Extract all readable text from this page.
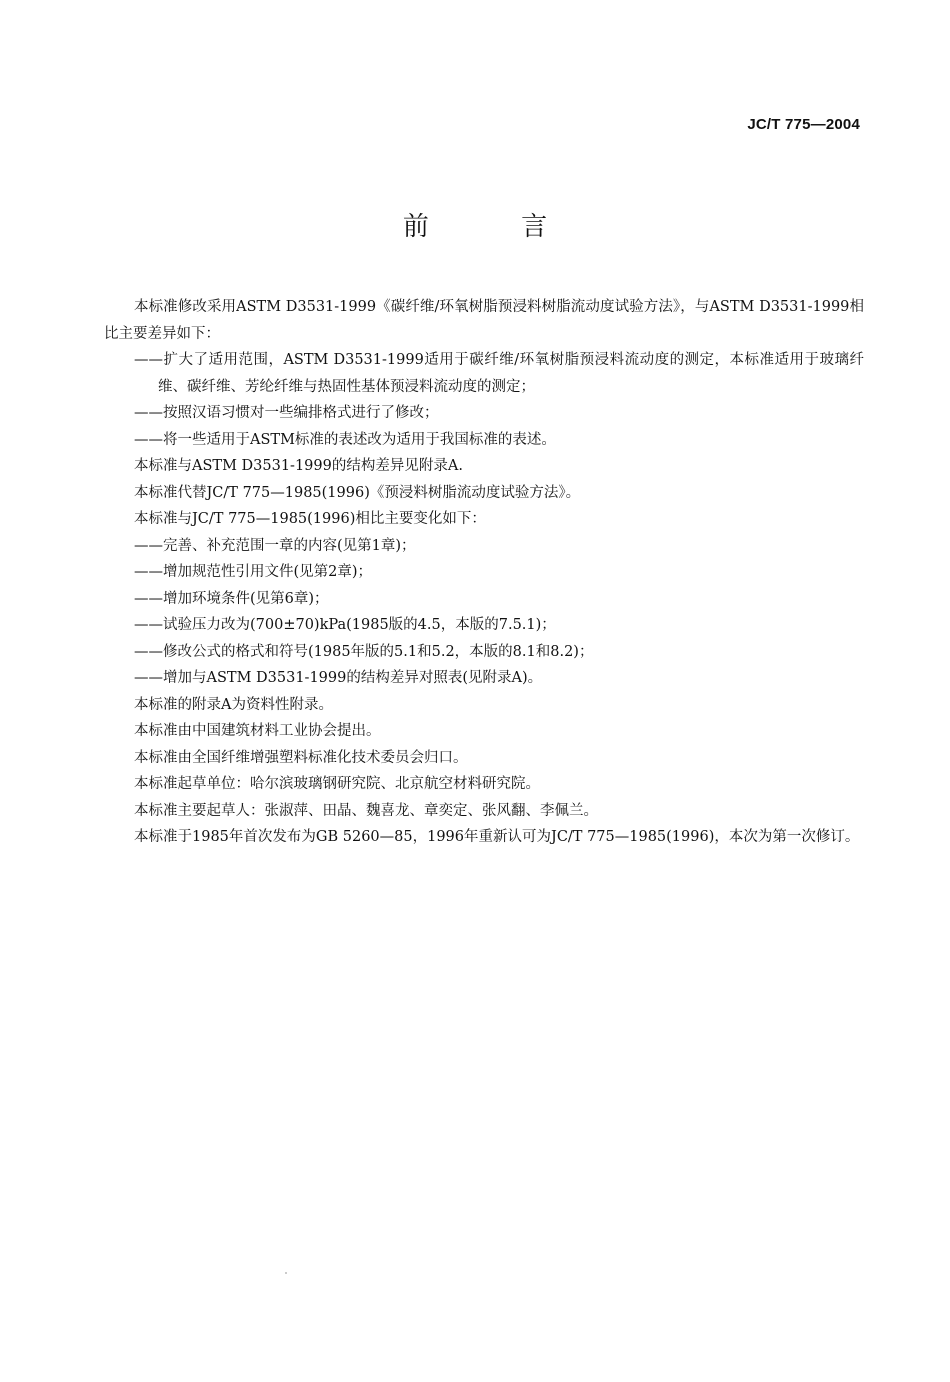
JC/T 775—2004
前 言

本标准修改采用ASTM D3531-1999《碳纤维/环氧树脂预浸料树脂流动度试验方法》，与ASTM D3531-1999相比主要差异如下：

——扩大了适用范围，ASTM D3531-1999适用于碳纤维/环氧树脂预浸料流动度的测定，本标准适用于玻璃纤维、碳纤维、芳纶纤维与热固性基体预浸料流动度的测定；

——按照汉语习惯对一些编排格式进行了修改；

——将一些适用于ASTM标准的表述改为适用于我国标准的表述。

本标准与ASTM D3531-1999的结构差异见附录A.

本标准代替JC/T 775—1985(1996)《预浸料树脂流动度试验方法》。

本标准与JC/T 775—1985(1996)相比主要变化如下：

——完善、补充范围一章的内容(见第1章)；

——增加规范性引用文件(见第2章)；

——增加环境条件(见第6章)；

——试验压力改为(700±70)kPa(1985版的4.5，本版的7.5.1)；

——修改公式的格式和符号(1985年版的5.1和5.2，本版的8.1和8.2)；

——增加与ASTM D3531-1999的结构差异对照表(见附录A)。

本标准的附录A为资料性附录。

本标准由中国建筑材料工业协会提出。

本标准由全国纤维增强塑料标准化技术委员会归口。

本标准起草单位：哈尔滨玻璃钢研究院、北京航空材料研究院。

本标准主要起草人：张淑萍、田晶、魏喜龙、章奕定、张风翻、李佩兰。

本标准于1985年首次发布为GB 5260—85，1996年重新认可为JC/T 775—1985(1996)，本次为第一次修订。
